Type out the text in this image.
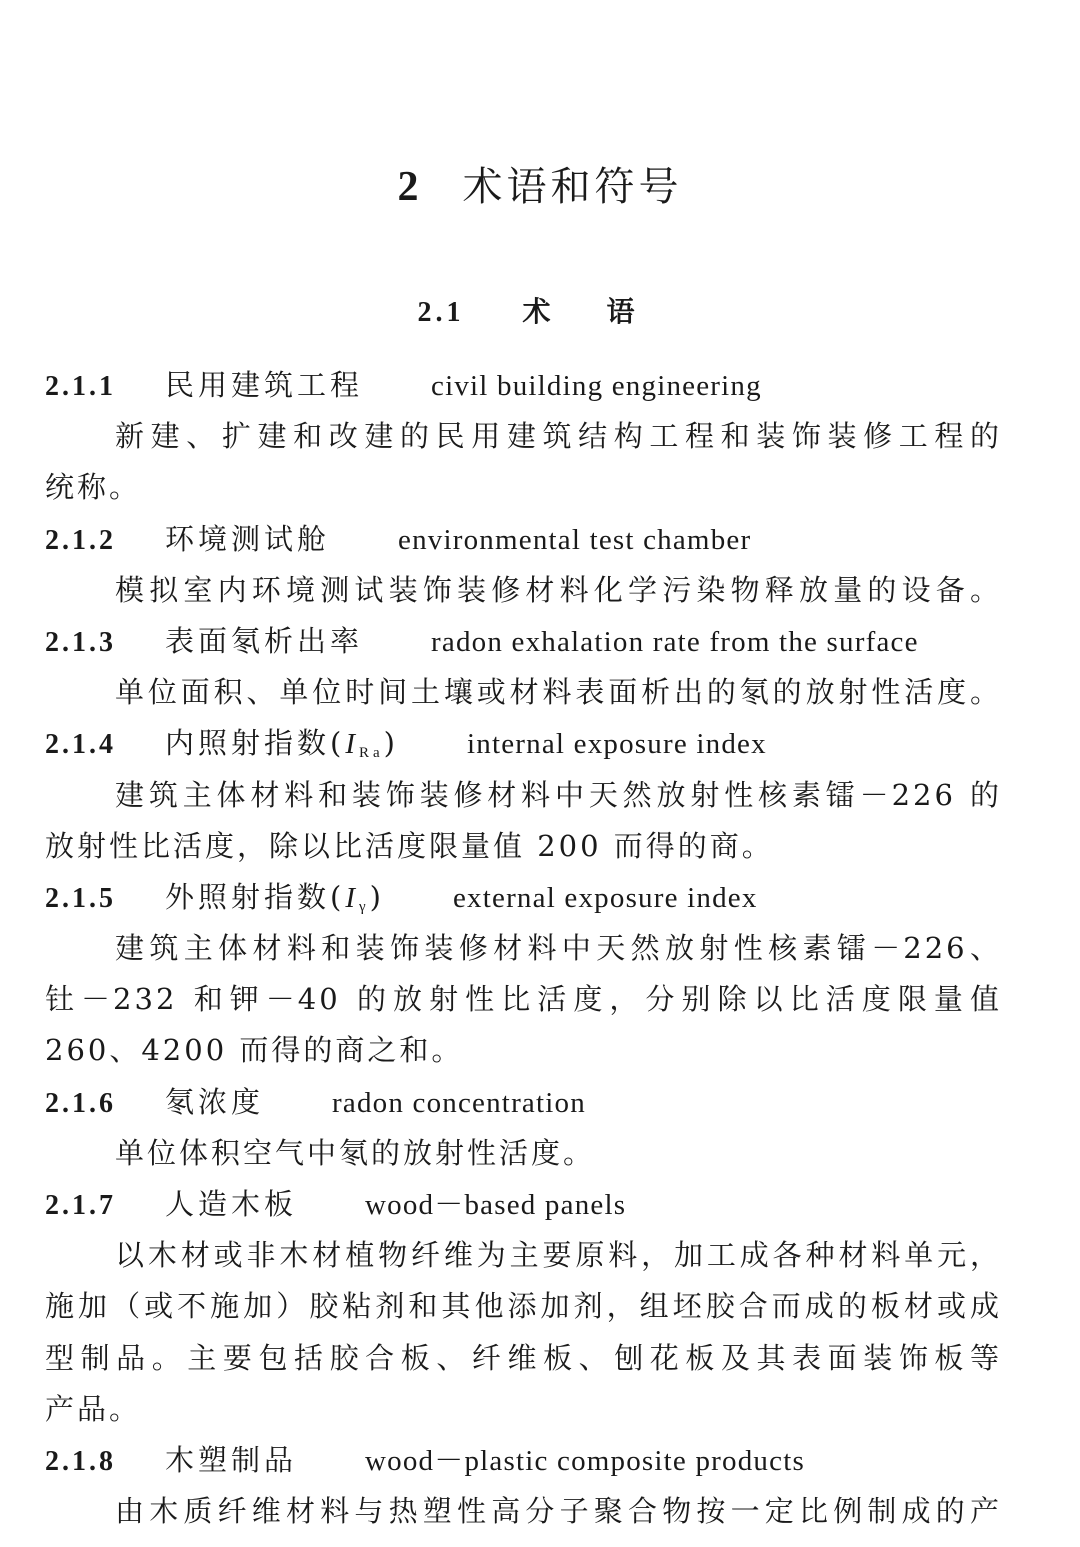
2 术语和符号
2.1 术 语
2.1.1 民用建筑工程 civil building engineering
新建、扩建和改建的民用建筑结构工程和装饰装修工程的
统称。
2.1.2 环境测试舱 environmental test chamber
模拟室内环境测试装饰装修材料化学污染物释放量的设备。
2.1.3 表面氡析出率 radon exhalation rate from the surface
单位面积、单位时间土壤或材料表面析出的氡的放射性活度。
2.1.4 内照射指数$(I_{Ra})$ internal exposure index
建筑主体材料和装饰装修材料中天然放射性核素镭－226 的
放射性比活度，除以比活度限量值 200 而得的商。
2.1.5 外照射指数$(I_\gamma)$ external exposure index
建筑主体材料和装饰装修材料中天然放射性核素镭－226、
钍－232 和钾－40 的放射性比活度，分别除以比活度限量值
260、4200 而得的商之和。
2.1.6 氡浓度 radon concentration
单位体积空气中氡的放射性活度。
2.1.7 人造木板 wood－based panels
以木材或非木材植物纤维为主要原料，加工成各种材料单元，
施加（或不施加）胶粘剂和其他添加剂，组坯胶合而成的板材或成
型制品。主要包括胶合板、纤维板、刨花板及其表面装饰板等
产品。
2.1.8 木塑制品 wood－plastic composite products
由木质纤维材料与热塑性高分子聚合物按一定比例制成的产
